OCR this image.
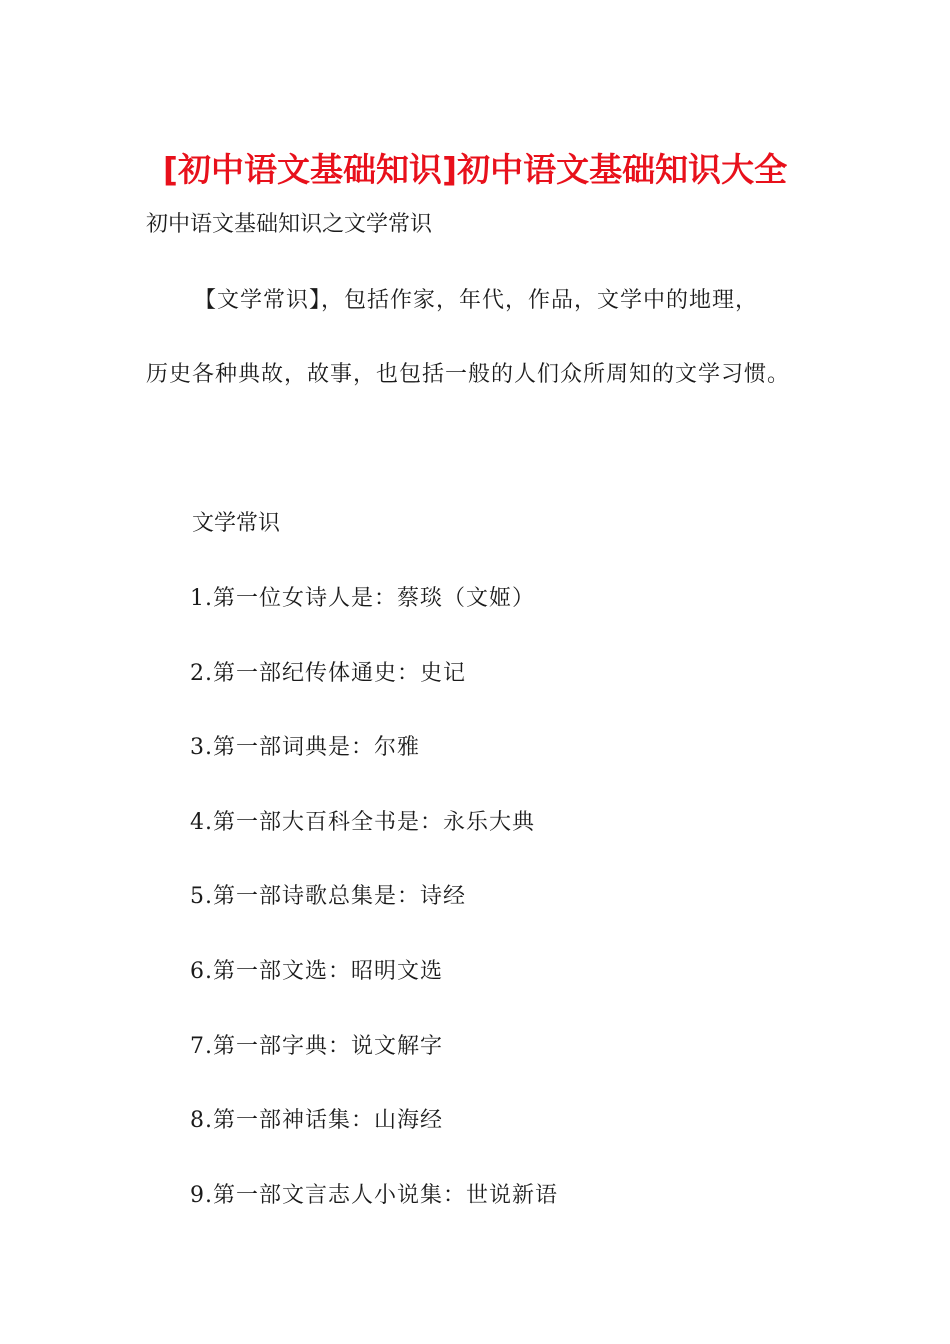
[初中语文基础知识]初中语文基础知识大全
初中语文基础知识之文学常识
【文学常识】，包括作家，年代，作品，文学中的地理，
历史各种典故，故事，也包括一般的人们众所周知的文学习惯。
文学常识
1.第一位女诗人是：蔡琰（文姬）
2.第一部纪传体通史：史记
3.第一部词典是：尔雅
4.第一部大百科全书是：永乐大典
5.第一部诗歌总集是：诗经
6.第一部文选：昭明文选
7.第一部字典：说文解字
8.第一部神话集：山海经
9.第一部文言志人小说集：世说新语
